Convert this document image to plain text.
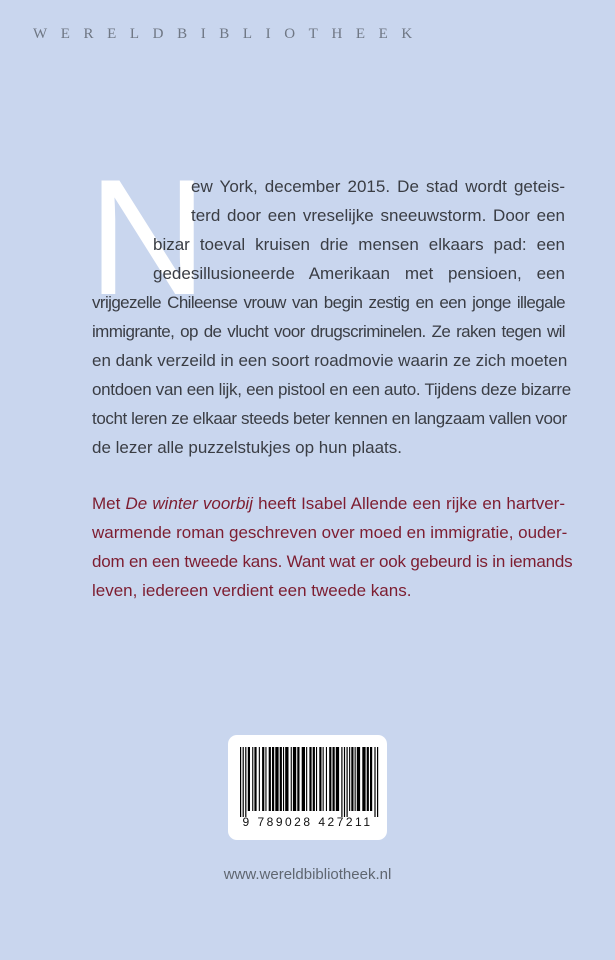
WERELDBIBLIOTHEEK
N
ew York, december 2015. De stad wordt geteis-
terd door een vreselijke sneeuwstorm. Door een
bizar toeval kruisen drie mensen elkaars pad: een
gedesillusioneerde Amerikaan met pensioen, een
vrijgezelle Chileense vrouw van begin zestig en een jonge illegale
immigrante, op de vlucht voor drugscriminelen. Ze raken tegen wil
en dank verzeild in een soort roadmovie waarin ze zich moeten
ontdoen van een lijk, een pistool en een auto. Tijdens deze bizarre
tocht leren ze elkaar steeds beter kennen en langzaam vallen voor
de lezer alle puzzelstukjes op hun plaats.
Met De winter voorbij heeft Isabel Allende een rijke en hartver-
warmende roman geschreven over moed en immigratie, ouder-
dom en een tweede kans. Want wat er ook gebeurd is in iemands
leven, iedereen verdient een tweede kans.
9 789028 427211
www.wereldbibliotheek.nl
